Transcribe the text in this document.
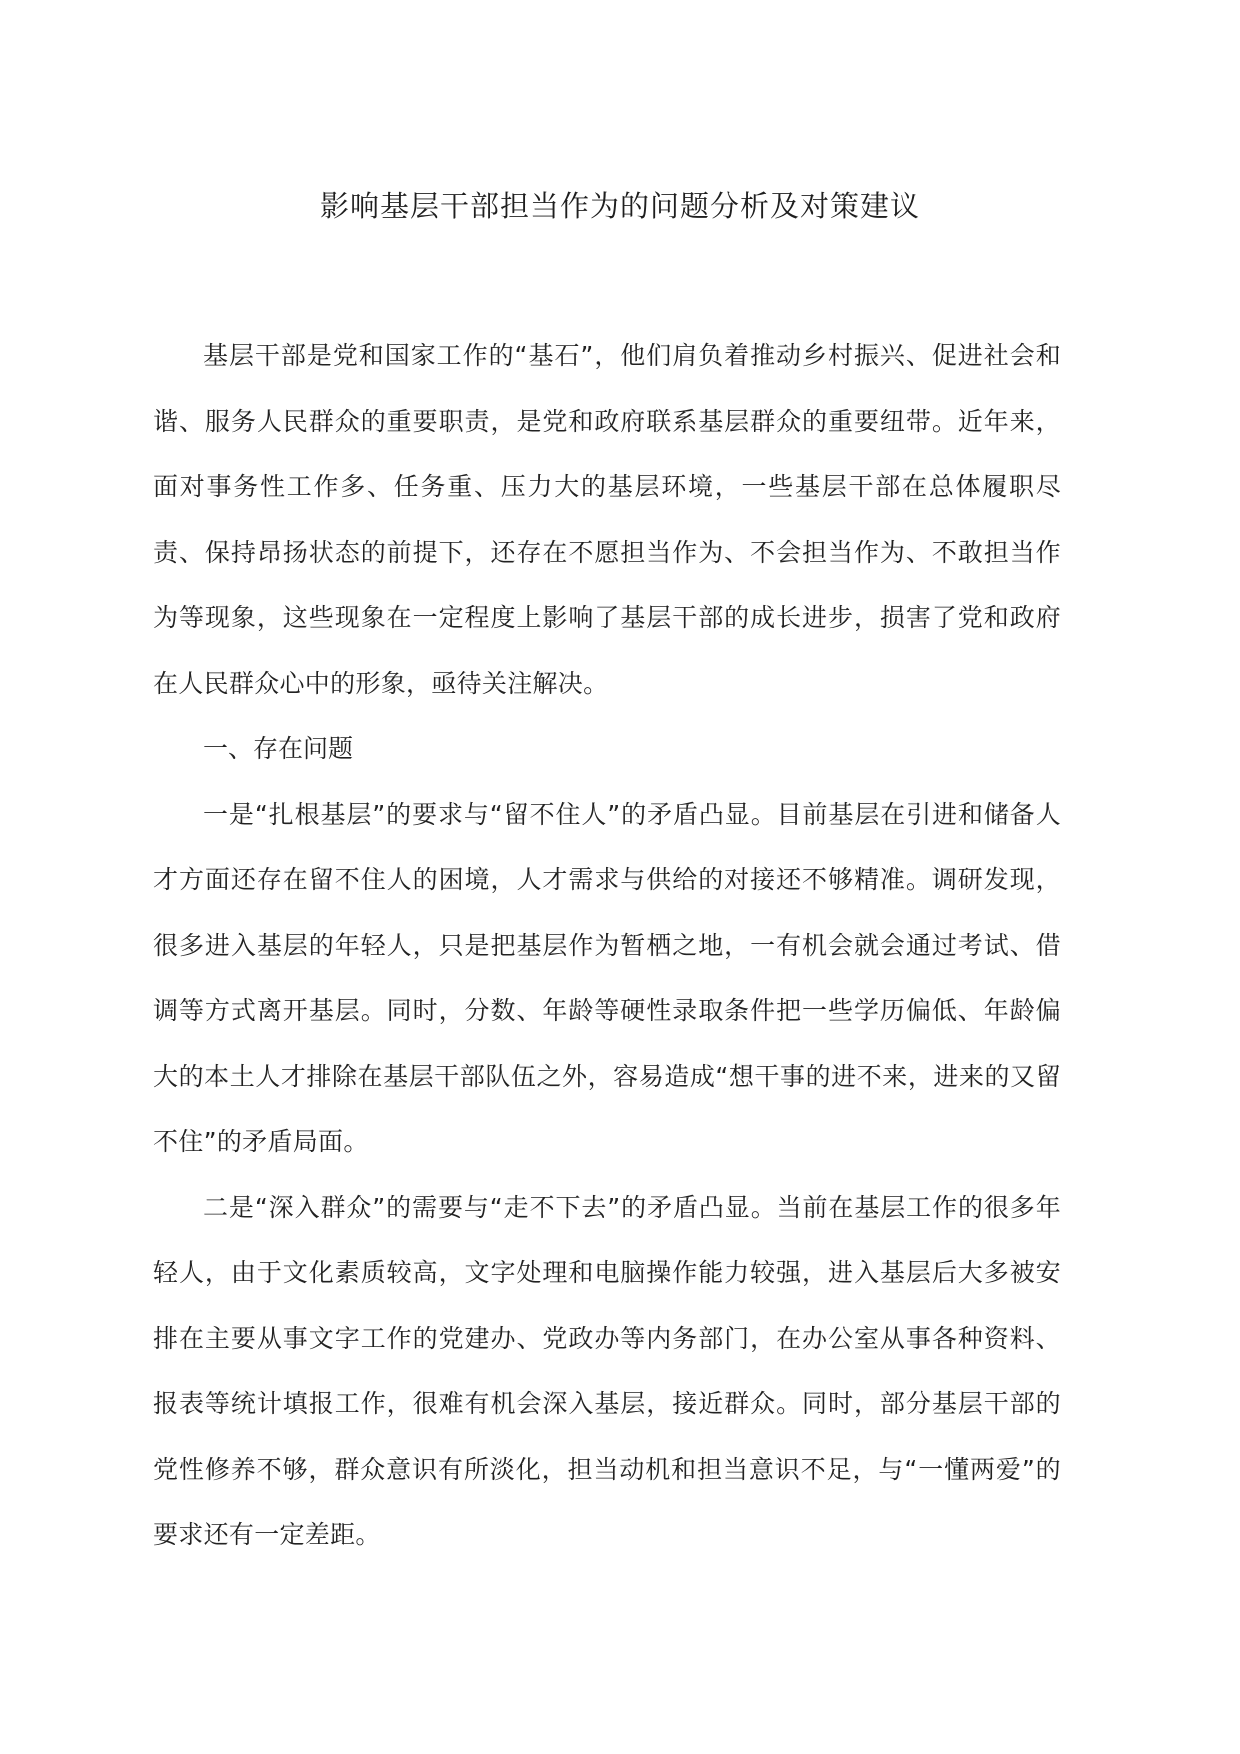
影响基层干部担当作为的问题分析及对策建议

基层干部是党和国家工作的“基石”，他们肩负着推动乡村振兴、促进社会和谐、服务人民群众的重要职责，是党和政府联系基层群众的重要纽带。近年来，面对事务性工作多、任务重、压力大的基层环境，一些基层干部在总体履职尽责、保持昂扬状态的前提下，还存在不愿担当作为、不会担当作为、不敢担当作为等现象，这些现象在一定程度上影响了基层干部的成长进步，损害了党和政府在人民群众心中的形象，亟待关注解决。

一、存在问题

一是“扎根基层”的要求与“留不住人”的矛盾凸显。目前基层在引进和储备人才方面还存在留不住人的困境，人才需求与供给的对接还不够精准。调研发现，很多进入基层的年轻人，只是把基层作为暂栖之地，一有机会就会通过考试、借调等方式离开基层。同时，分数、年龄等硬性录取条件把一些学历偏低、年龄偏大的本土人才排除在基层干部队伍之外，容易造成“想干事的进不来，进来的又留不住”的矛盾局面。

二是“深入群众”的需要与“走不下去”的矛盾凸显。当前在基层工作的很多年轻人，由于文化素质较高，文字处理和电脑操作能力较强，进入基层后大多被安排在主要从事文字工作的党建办、党政办等内务部门，在办公室从事各种资料、报表等统计填报工作，很难有机会深入基层，接近群众。同时，部分基层干部的党性修养不够，群众意识有所淡化，担当动机和担当意识不足，与“一懂两爱”的要求还有一定差距。
